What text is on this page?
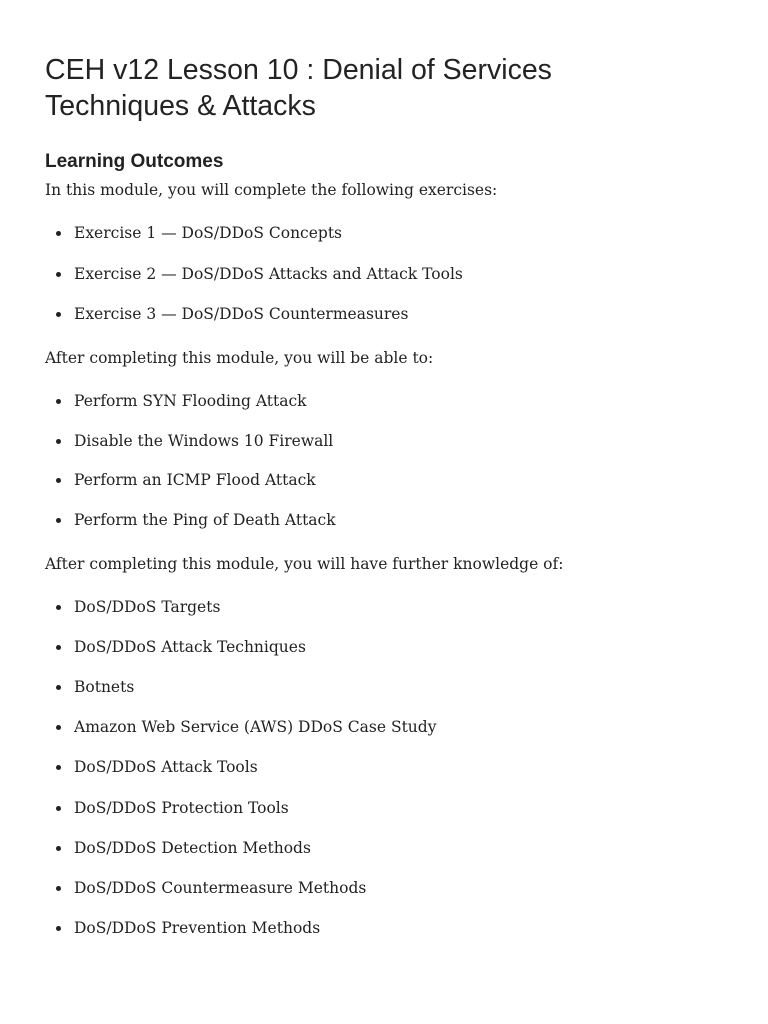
CEH v12 Lesson 10 : Denial of Services
Techniques & Attacks
Learning Outcomes

In this module, you will complete the following exercises:

Exercise 1 — DoS/DDoS Concepts
Exercise 2 — DoS/DDoS Attacks and Attack Tools
Exercise 3 — DoS/DDoS Countermeasures

After completing this module, you will be able to:

Perform SYN Flooding Attack
Disable the Windows 10 Firewall
Perform an ICMP Flood Attack
Perform the Ping of Death Attack

After completing this module, you will have further knowledge of:

DoS/DDoS Targets
DoS/DDoS Attack Techniques
Botnets
Amazon Web Service (AWS) DDoS Case Study
DoS/DDoS Attack Tools
DoS/DDoS Protection Tools
DoS/DDoS Detection Methods
DoS/DDoS Countermeasure Methods
DoS/DDoS Prevention Methods
